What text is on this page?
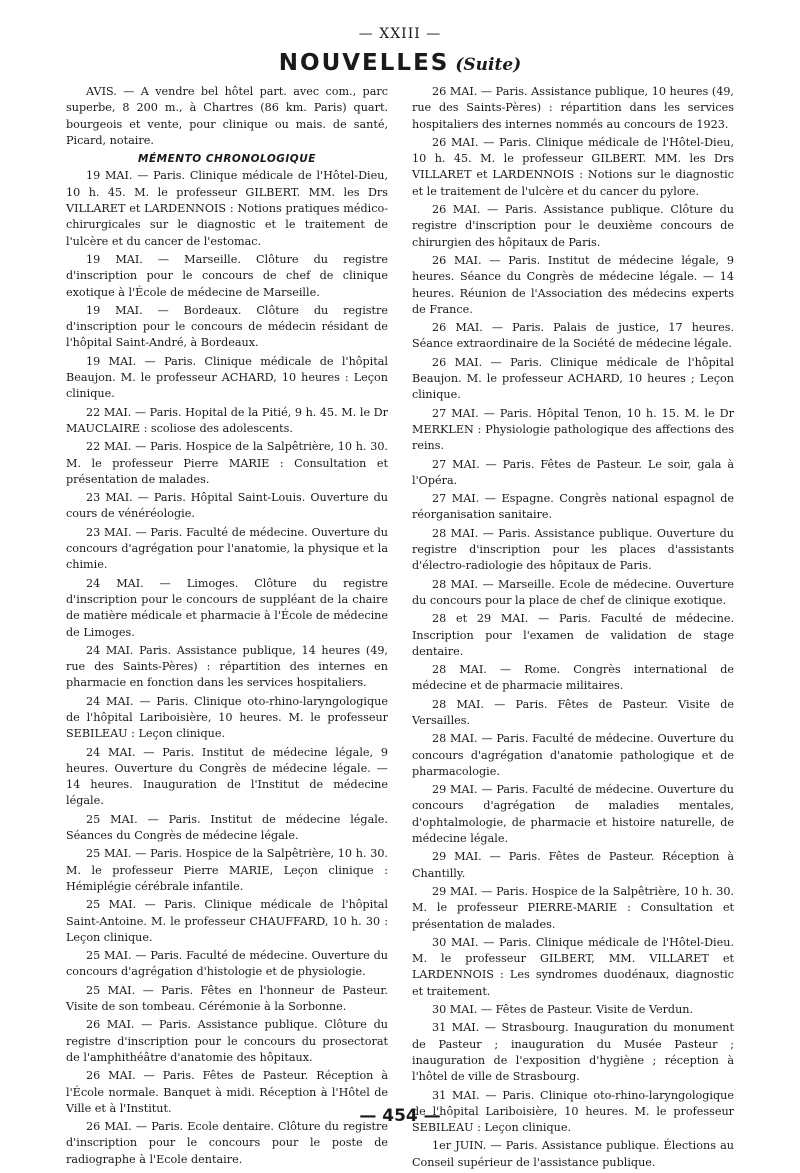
— XXIII —
NOUVELLES (Suite)

AVIS. — A vendre bel hôtel part. avec com., parc superbe, 8 200 m., à Chartres (86 km. Paris) quart. bourgeois et vente, pour clinique ou mais. de santé, Picard, notaire.

MÉMENTO CHRONOLOGIQUE

19 MAI. — Paris. Clinique médicale de l'Hôtel-Dieu, 10 h. 45. M. le professeur GILBERT. MM. les Drs VILLARET et LARDENNOIS : Notions pratiques médico-chirurgicales sur le diagnostic et le traitement de l'ulcère et du cancer de l'estomac.

19 MAI. — Marseille. Clôture du registre d'inscription pour le concours de chef de clinique exotique à l'École de médecine de Marseille.

19 MAI. — Bordeaux. Clôture du registre d'inscription pour le concours de médecin résidant de l'hôpital Saint-André, à Bordeaux.

19 MAI. — Paris. Clinique médicale de l'hôpital Beaujon. M. le professeur ACHARD, 10 heures : Leçon clinique.

22 MAI. — Paris. Hopital de la Pitié, 9 h. 45. M. le Dr MAUCLAIRE : scoliose des adolescents.

22 MAI. — Paris. Hospice de la Salpêtrière, 10 h. 30. M. le professeur Pierre MARIE : Consultation et présentation de malades.

23 MAI. — Paris. Hôpital Saint-Louis. Ouverture du cours de vénéréologie.

23 MAI. — Paris. Faculté de médecine. Ouverture du concours d'agrégation pour l'anatomie, la physique et la chimie.

24 MAI. — Limoges. Clôture du registre d'inscription pour le concours de suppléant de la chaire de matière médicale et pharmacie à l'École de médecine de Limoges.

24 MAI. Paris. Assistance publique, 14 heures (49, rue des Saints-Pères) : répartition des internes en pharmacie en fonction dans les services hospitaliers.

24 MAI. — Paris. Clinique oto-rhino-laryngologique de l'hôpital Lariboisière, 10 heures. M. le professeur SEBILEAU : Leçon clinique.

24 MAI. — Paris. Institut de médecine légale, 9 heures. Ouverture du Congrès de médecine légale. — 14 heures. Inauguration de l'Institut de médecine légale.

25 MAI. — Paris. Institut de médecine légale. Séances du Congrès de médecine légale.

25 MAI. — Paris. Hospice de la Salpêtrière, 10 h. 30. M. le professeur Pierre MARIE, Leçon clinique : Hémiplégie cérébrale infantile.

25 MAI. — Paris. Clinique médicale de l'hôpital Saint-Antoine. M. le professeur CHAUFFARD, 10 h. 30 : Leçon clinique.

25 MAI. — Paris. Faculté de médecine. Ouverture du concours d'agrégation d'histologie et de physiologie.

25 MAI. — Paris. Fêtes en l'honneur de Pasteur. Visite de son tombeau. Cérémonie à la Sorbonne.

26 MAI. — Paris. Assistance publique. Clôture du registre d'inscription pour le concours du prosectorat de l'amphithéâtre d'anatomie des hôpitaux.

26 MAI. — Paris. Fêtes de Pasteur. Réception à l'École normale. Banquet à midi. Réception à l'Hôtel de Ville et à l'Institut.

26 MAI. — Paris. Ecole dentaire. Clôture du registre d'inscription pour le concours pour le poste de radiographe à l'Ecole dentaire.

26 MAI. — Paris. Assistance publique, 10 heures (49, rue des Saints-Pères) : répartition dans les services hospitaliers des internes nommés au concours de 1923.

26 MAI. — Paris. Clinique médicale de l'Hôtel-Dieu, 10 h. 45. M. le professeur GILBERT. MM. les Drs VILLARET et LARDENNOIS : Notions sur le diagnostic et le traitement de l'ulcère et du cancer du pylore.

26 MAI. — Paris. Assistance publique. Clôture du registre d'inscription pour le deuxième concours de chirurgien des hôpitaux de Paris.

26 MAI. — Paris. Institut de médecine légale, 9 heures. Séance du Congrès de médecine légale. — 14 heures. Réunion de l'Association des médecins experts de France.

26 MAI. — Paris. Palais de justice, 17 heures. Séance extraordinaire de la Société de médecine légale.

26 MAI. — Paris. Clinique médicale de l'hôpital Beaujon. M. le professeur ACHARD, 10 heures ; Leçon clinique.

27 MAI. — Paris. Hôpital Tenon, 10 h. 15. M. le Dr MERKLEN : Physiologie pathologique des affections des reins.

27 MAI. — Paris. Fêtes de Pasteur. Le soir, gala à l'Opéra.

27 MAI. — Espagne. Congrès national espagnol de réorganisation sanitaire.

28 MAI. — Paris. Assistance publique. Ouverture du registre d'inscription pour les places d'assistants d'électro-radiologie des hôpitaux de Paris.

28 MAI. — Marseille. Ecole de médecine. Ouverture du concours pour la place de chef de clinique exotique.

28 et 29 MAI. — Paris. Faculté de médecine. Inscription pour l'examen de validation de stage dentaire.

28 MAI. — Rome. Congrès international de médecine et de pharmacie militaires.

28 MAI. — Paris. Fêtes de Pasteur. Visite de Versailles.

28 MAI. — Paris. Faculté de médecine. Ouverture du concours d'agrégation d'anatomie pathologique et de pharmacologie.

29 MAI. — Paris. Faculté de médecine. Ouverture du concours d'agrégation de maladies mentales, d'ophtalmologie, de pharmacie et histoire naturelle, de médecine légale.

29 MAI. — Paris. Fêtes de Pasteur. Réception à Chantilly.

29 MAI. — Paris. Hospice de la Salpêtrière, 10 h. 30. M. le professeur PIERRE-MARIE : Consultation et présentation de malades.

30 MAI. — Paris. Clinique médicale de l'Hôtel-Dieu. M. le professeur GILBERT, MM. VILLARET et LARDENNOIS : Les syndromes duodénaux, diagnostic et traitement.

30 MAI. — Fêtes de Pasteur. Visite de Verdun.

31 MAI. — Strasbourg. Inauguration du monument de Pasteur ; inauguration du Musée Pasteur ; inauguration de l'exposition d'hygiène ; réception à l'hôtel de ville de Strasbourg.

31 MAI. — Paris. Clinique oto-rhino-laryngologique de l'hôpital Lariboisière, 10 heures. M. le professeur SEBILEAU : Leçon clinique.

1er JUIN. — Paris. Assistance publique. Élections au Conseil supérieur de l'assistance publique.

— 454 —
